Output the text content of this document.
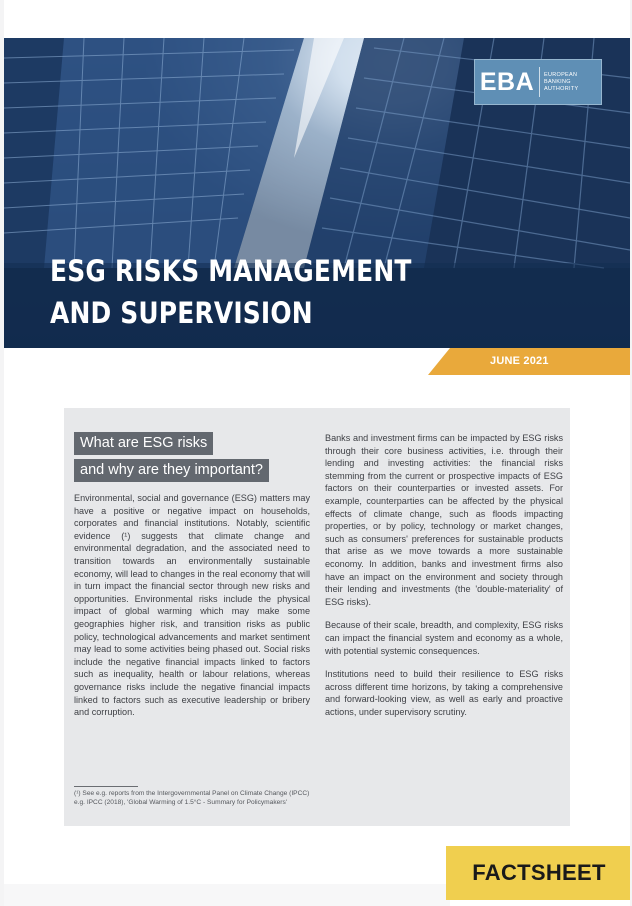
EBA	EUROPEAN
BANKING
AUTHORITY
ESG RISKS MANAGEMENT
AND SUPERVISION
JUNE 2021
What are ESG risks
and why are they important?

Environmental, social and governance (ESG) matters may have a positive or negative impact on households, corporates and financial institutions. Notably, scientific evidence (¹) suggests that climate change and environmental degradation, and the associated need to transition towards an environmentally sustainable economy, will lead to changes in the real economy that will in turn impact the financial sector through new risks and opportunities. Environmental risks include the physical impact of global warming which may make some geographies higher risk, and transition risks as public policy, technological advancements and market sentiment may lead to some activities being phased out. Social risks include the negative financial impacts linked to factors such as inequality, health or labour relations, whereas governance risks include the negative financial impacts linked to factors such as executive leadership or bribery and corruption.

Banks and investment firms can be impacted by ESG risks through their core business activities, i.e. through their lending and investing activities: the financial risks stemming from the current or prospective impacts of ESG factors on their counterparties or invested assets. For example, counterparties can be affected by the physical effects of climate change, such as floods impacting properties, or by policy, technology or market changes, such as consumers' preferences for sustainable products that arise as we move towards a more sustainable economy. In addition, banks and investment firms also have an impact on the environment and society through their lending and investments (the 'double-materiality' of ESG risks).

Because of their scale, breadth, and complexity, ESG risks can impact the financial system and economy as a whole, with potential systemic consequences.

Institutions need to build their resilience to ESG risks across different time horizons, by taking a comprehensive and forward-looking view, as well as early and proactive actions, under supervisory scrutiny.

(¹) See e.g. reports from the Intergovernmental Panel on Climate Change (IPCC) e.g. IPCC (2018), 'Global Warming of 1.5°C - Summary for Policymakers'

FACTSHEET
